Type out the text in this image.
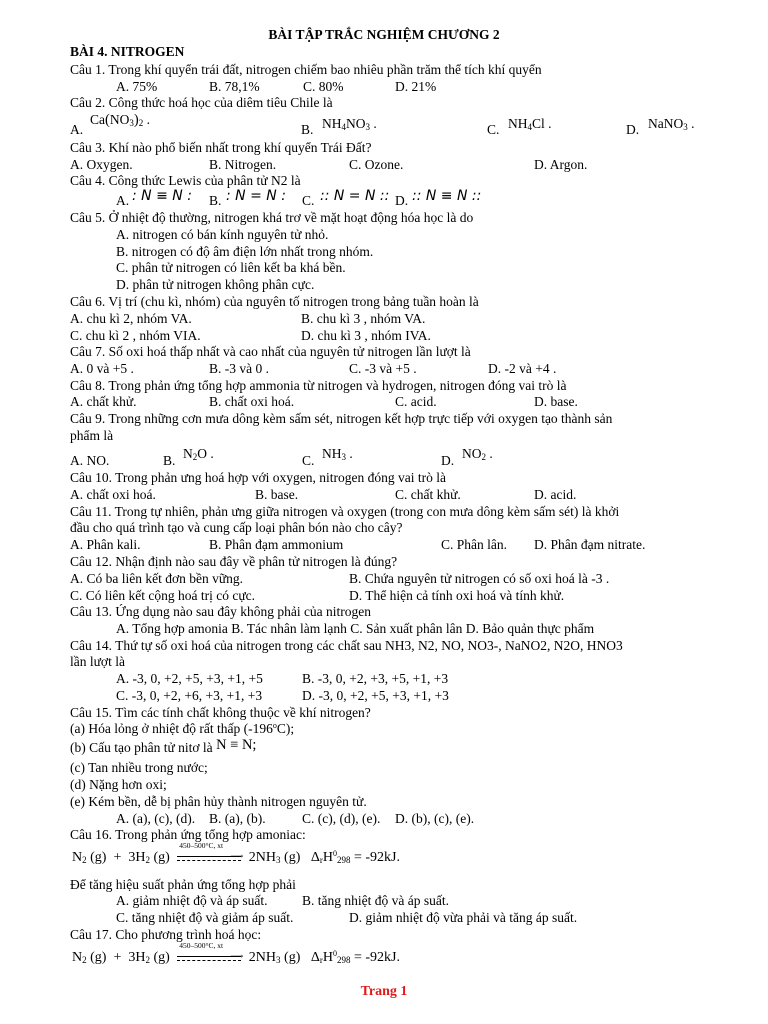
BÀI TẬP TRẮC NGHIỆM CHƯƠNG 2
BÀI 4. NITROGEN
Câu 1. Trong khí quyển trái đất, nitrogen chiếm bao nhiêu phần trăm thể tích khí quyển
A. 75%	B. 78,1%	C. 80%	D. 21%
Câu 2. Công thức hoá học của diêm tiêu Chile là
A.
$Ca(NO_3)_2$ .
B. $NH_4NO_3$ .	C. $NH_4Cl$ .	D. NaNO$_3$ .
Câu 3. Khí nào phổ biến nhất trong khí quyển Trái Đất?
A. Oxygen.	B. Nitrogen.	C. Ozone.	D. Argon.
Câu 4. Công thức Lewis của phân tử N2 là
A. : N ≡ N : B. : N = N : C. :: N = N :: D. :: N ≡ N ::
Câu 5. Ở nhiệt độ thường, nitrogen khá trơ về mặt hoạt động hóa học là do
A. nitrogen có bán kính nguyên tử nhỏ.
B. nitrogen có độ âm điện lớn nhất trong nhóm.
C. phân tử nitrogen có liên kết ba khá bền.
D. phân tử nitrogen không phân cực.
Câu 6. Vị trí (chu kì, nhóm) của nguyên tố nitrogen trong bảng tuần hoàn là
A. chu kì 2, nhóm VA.	B. chu kì 3 , nhóm VA.
C. chu kì 2 , nhóm VIA.	D. chu kì 3 , nhóm IVA.
Câu 7. Số oxi hoá thấp nhất và cao nhất của nguyên tử nitrogen lần lượt là
A. 0 và +5 .	B. -3 và 0 .	C. -3 và +5 .	D. -2 và +4 .
Câu 8. Trong phản ứng tổng hợp ammonia từ nitrogen và hydrogen, nitrogen đóng vai trò là
A. chất khử.	B. chất oxi hoá.	C. acid.	D. base.
Câu 9. Trong những cơn mưa dông kèm sấm sét, nitrogen kết hợp trực tiếp với oxygen tạo thành sản
phẩm là
A. NO.	B. $N_2O$ .	C. $NH_3$ .	D. $NO_2$ .
Câu 10. Trong phản ưng hoá hợp với oxygen, nitrogen đóng vai trò là
A. chất oxi hoá.	B. base.	C. chất khử.	D. acid.
Câu 11. Trong tự nhiên, phản ưng giữa nitrogen và oxygen (trong con mưa dông kèm sấm sét) là khởi
đầu cho quá trình tạo và cung cấp loại phân bón nào cho cây?
A. Phân kali.	B. Phân đạm ammonium	C. Phân lân. D. Phân đạm nitrate.
Câu 12. Nhận định nào sau đây về phân tử nitrogen là đúng?
A. Có ba liên kết đơn bền vững.	B. Chứa nguyên tử nitrogen có số oxi hoá là -3 .
C. Có liên kết cộng hoá trị có cực.	D. Thể hiện cả tính oxi hoá và tính khử.
Câu 13. Ứng dụng nào sau đây không phải của nitrogen
A. Tổng hợp amonia B. Tác nhân làm lạnh C. Sản xuất phân lân D. Bảo quản thực phẩm
Câu 14. Thứ tự số oxi hoá của nitrogen trong các chất sau NH3, N2, NO, NO3-, NaNO2, N2O, HNO3
lần lượt là
A. -3, 0, +2, +5, +3, +1, +5	B. -3, 0, +2, +3, +5, +1, +3
C. -3, 0, +2, +6, +3, +1, +3	D. -3, 0, +2, +5, +3, +1, +3
Câu 15. Tìm các tính chất không thuộc về khí nitrogen?
(a) Hóa lỏng ở nhiệt độ rất thấp (-196$^o$C);
(b) Cấu tạo phân tử nitơ là N ≡ N;
(c) Tan nhiều trong nước;
(d) Nặng hơn oxi;
(e) Kém bền, dễ bị phân hủy thành nitrogen nguyên tử.
A. (a), (c), (d). B. (a), (b).	C. (c), (d), (e). D. (b), (c), (e).
Câu 16. Trong phản ứng tổng hợp amoniac:
$N_2$ $(g) + 3H_2$ (g)
450–500°C, xt
⟶ $2NH_3$ (g)   $\Delta_rH^0_{298} = -92kJ$.
Để tăng hiệu suất phản ứng tổng hợp phải
A. giảm nhiệt độ và áp suất.	B. tăng nhiệt độ và áp suất.
C. tăng nhiệt độ và giảm áp suất.	D. giảm nhiệt độ vừa phải và tăng áp suất.
Câu 17. Cho phương trình hoá học:
$N_2$ $(g) + 3H_2$ (g)
450–500°C, xt
⟶ $2NH_3$ (g)   $\Delta_rH^0_{298} = -92kJ$.
Trang 1
